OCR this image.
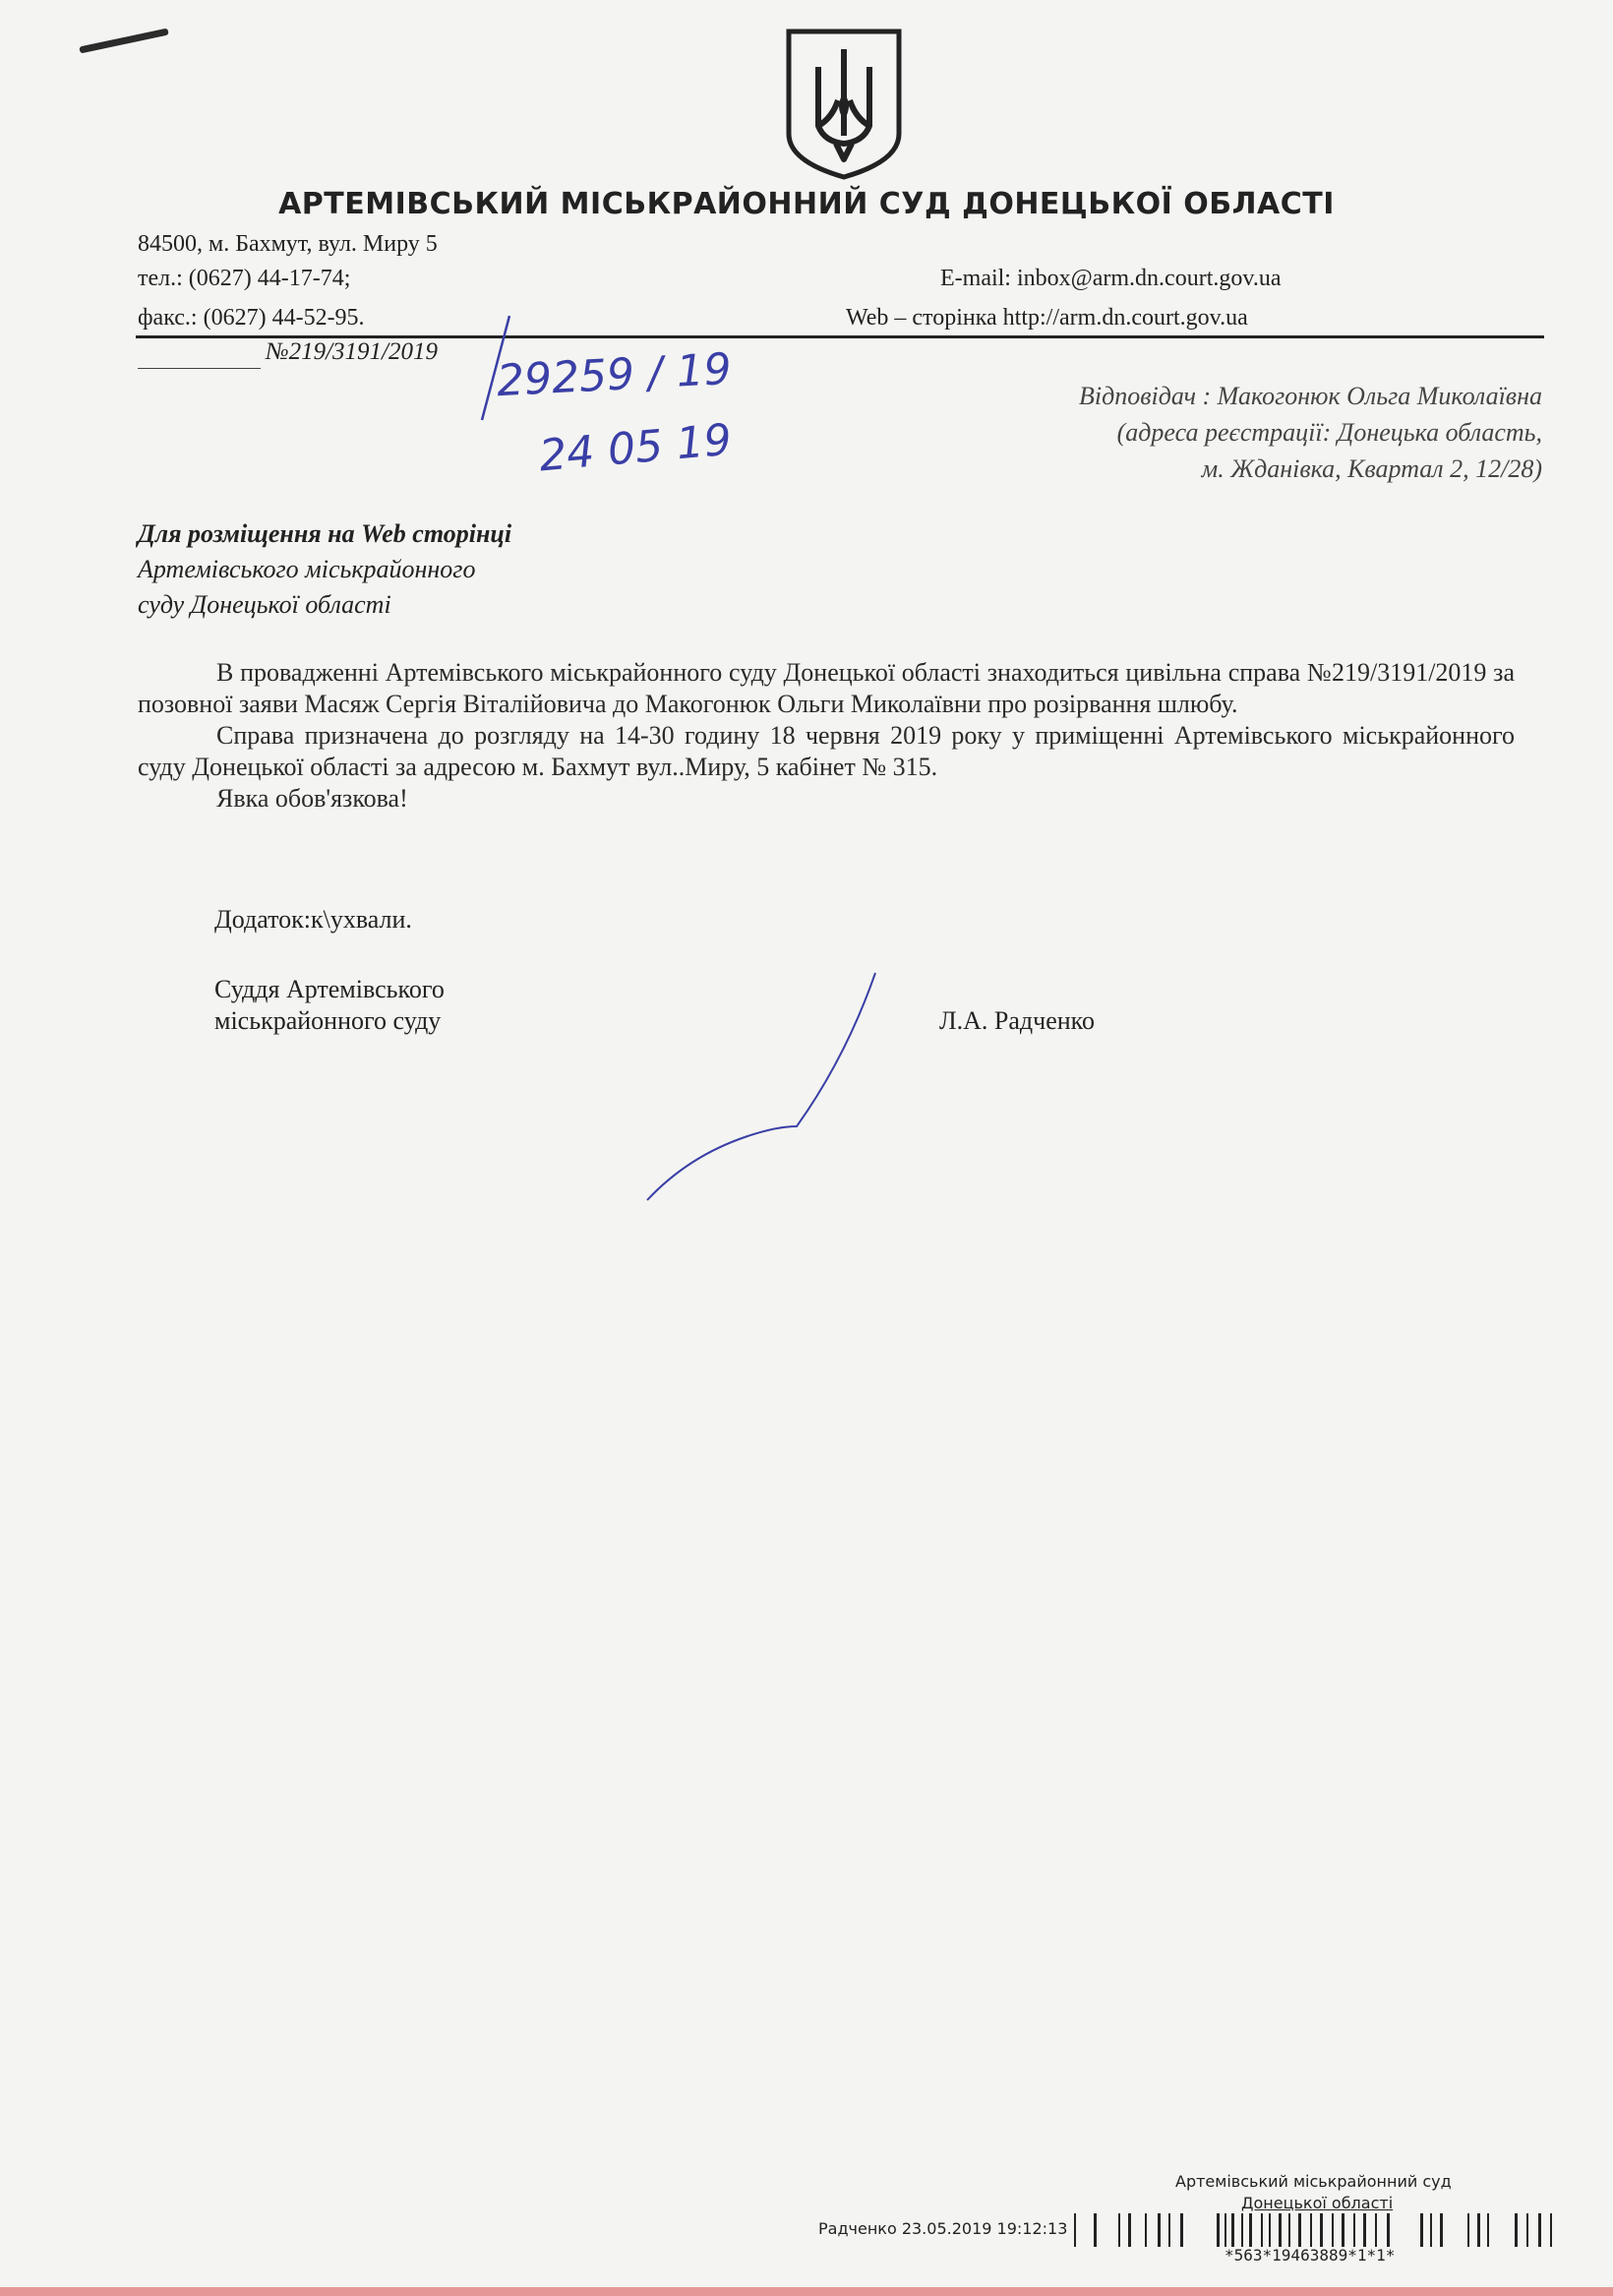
АРТЕМІВСЬКИЙ МІСЬКРАЙОННИЙ СУД ДОНЕЦЬКОЇ ОБЛАСТІ
84500, м. Бахмут, вул. Миру 5
тел.: (0627) 44-17-74;
факс.: (0627) 44-52-95.
E-mail: inbox@arm.dn.court.gov.ua
Web – сторінка http://arm.dn.court.gov.ua
№219/3191/2019 29259 / 19
24 05 19
Відповідач : Макогонюк Ольга Миколаївна
(адреса реєстрації: Донецька область,
м. Жданівка, Квартал 2, 12/28)
Для розміщення на Web сторінці
Артемівського міськрайонного
суду Донецької області

В провадженні Артемівського міськрайонного суду Донецької області знаходиться цивільна справа №219/3191/2019 за позовної заяви Масяж Сергія Віталійовича до Макогонюк Ольги Миколаївни про розірвання шлюбу.

Справа призначена до розгляду на 14-30 годину 18 червня 2019 року у приміщенні Артемівського міськрайонного суду Донецької області за адресою м. Бахмут вул..Миру, 5 кабінет № 315.

Явка обов'язкова!

Додаток:к\ухвали.
Суддя Артемівського
міськрайонного суду	Л.А. Радченко
Артемівський міськрайонний суд
Донецької області
Радченко 23.05.2019 19:12:13
*563*19463889*1*1*
